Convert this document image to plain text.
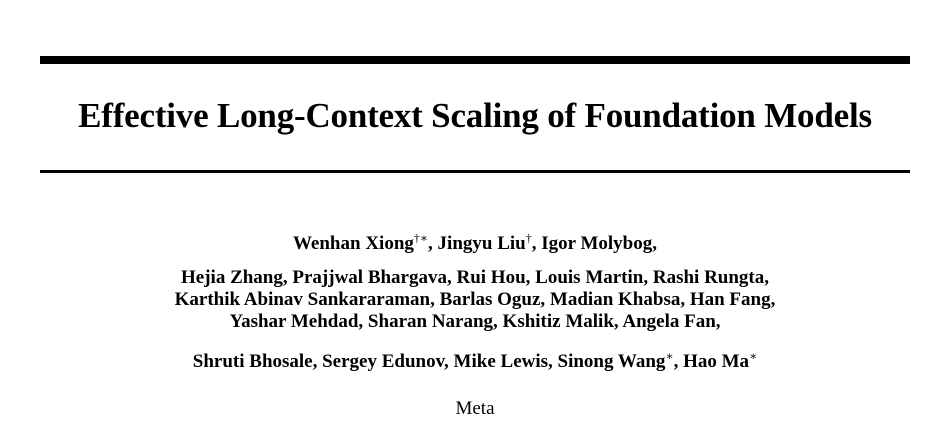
Effective Long-Context Scaling of Foundation Models
Wenhan Xiong†∗, Jingyu Liu†, Igor Molybog,
Hejia Zhang, Prajjwal Bhargava, Rui Hou, Louis Martin, Rashi Rungta,
Karthik Abinav Sankararaman, Barlas Oguz, Madian Khabsa, Han Fang,
Yashar Mehdad, Sharan Narang, Kshitiz Malik, Angela Fan,
Shruti Bhosale, Sergey Edunov, Mike Lewis, Sinong Wang∗, Hao Ma∗
Meta
